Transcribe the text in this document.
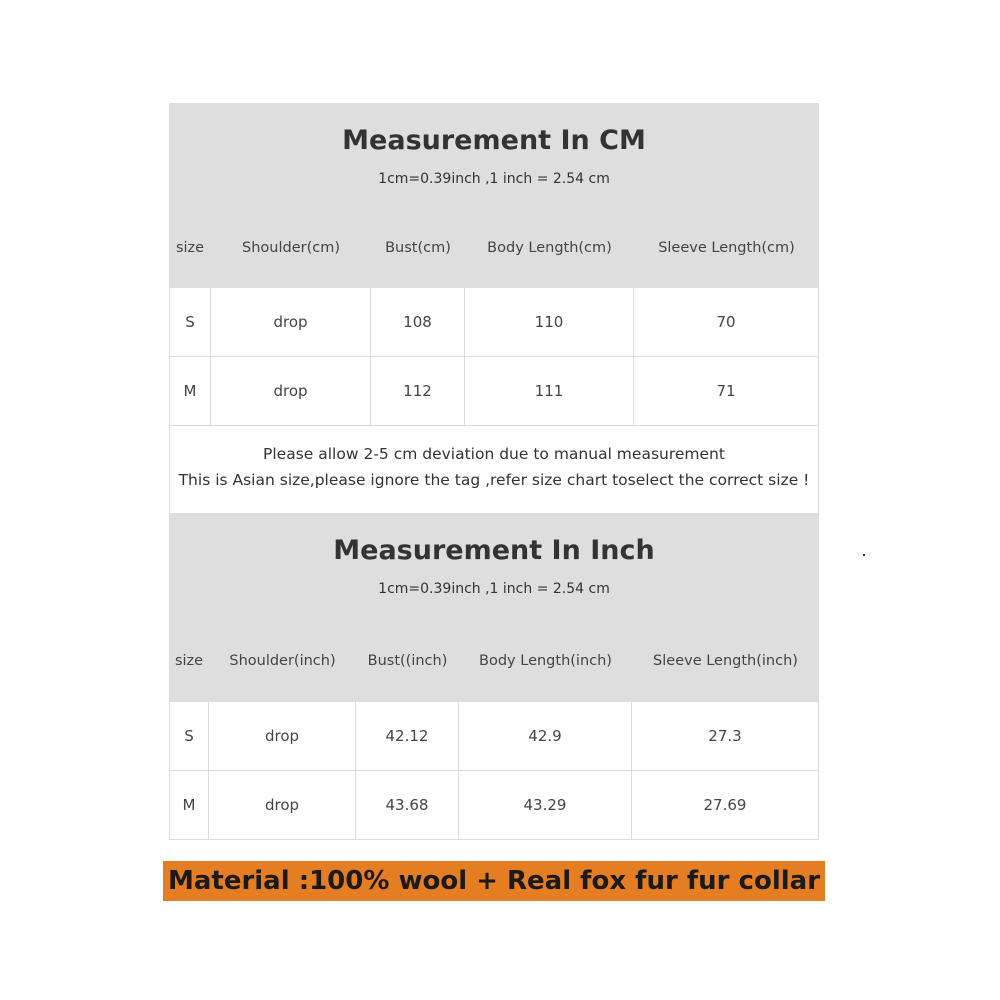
Measurement In CM
1cm=0.39inch ,1 inch = 2.54 cm
size	Shoulder(cm)	Bust(cm)	Body Length(cm)	Sleeve Length(cm)
S	drop	108	110	70
M	drop	112	111	71
Please allow 2-5 cm deviation due to manual measurement
This is Asian size,please ignore the tag ,refer size chart toselect the correct size !
Measurement In Inch
1cm=0.39inch ,1 inch = 2.54 cm
size	Shoulder(inch)	Bust((inch)	Body Length(inch)	Sleeve Length(inch)
S	drop	42.12	42.9	27.3
M	drop	43.68	43.29	27.69
Material :100% wool + Real fox fur fur collar
